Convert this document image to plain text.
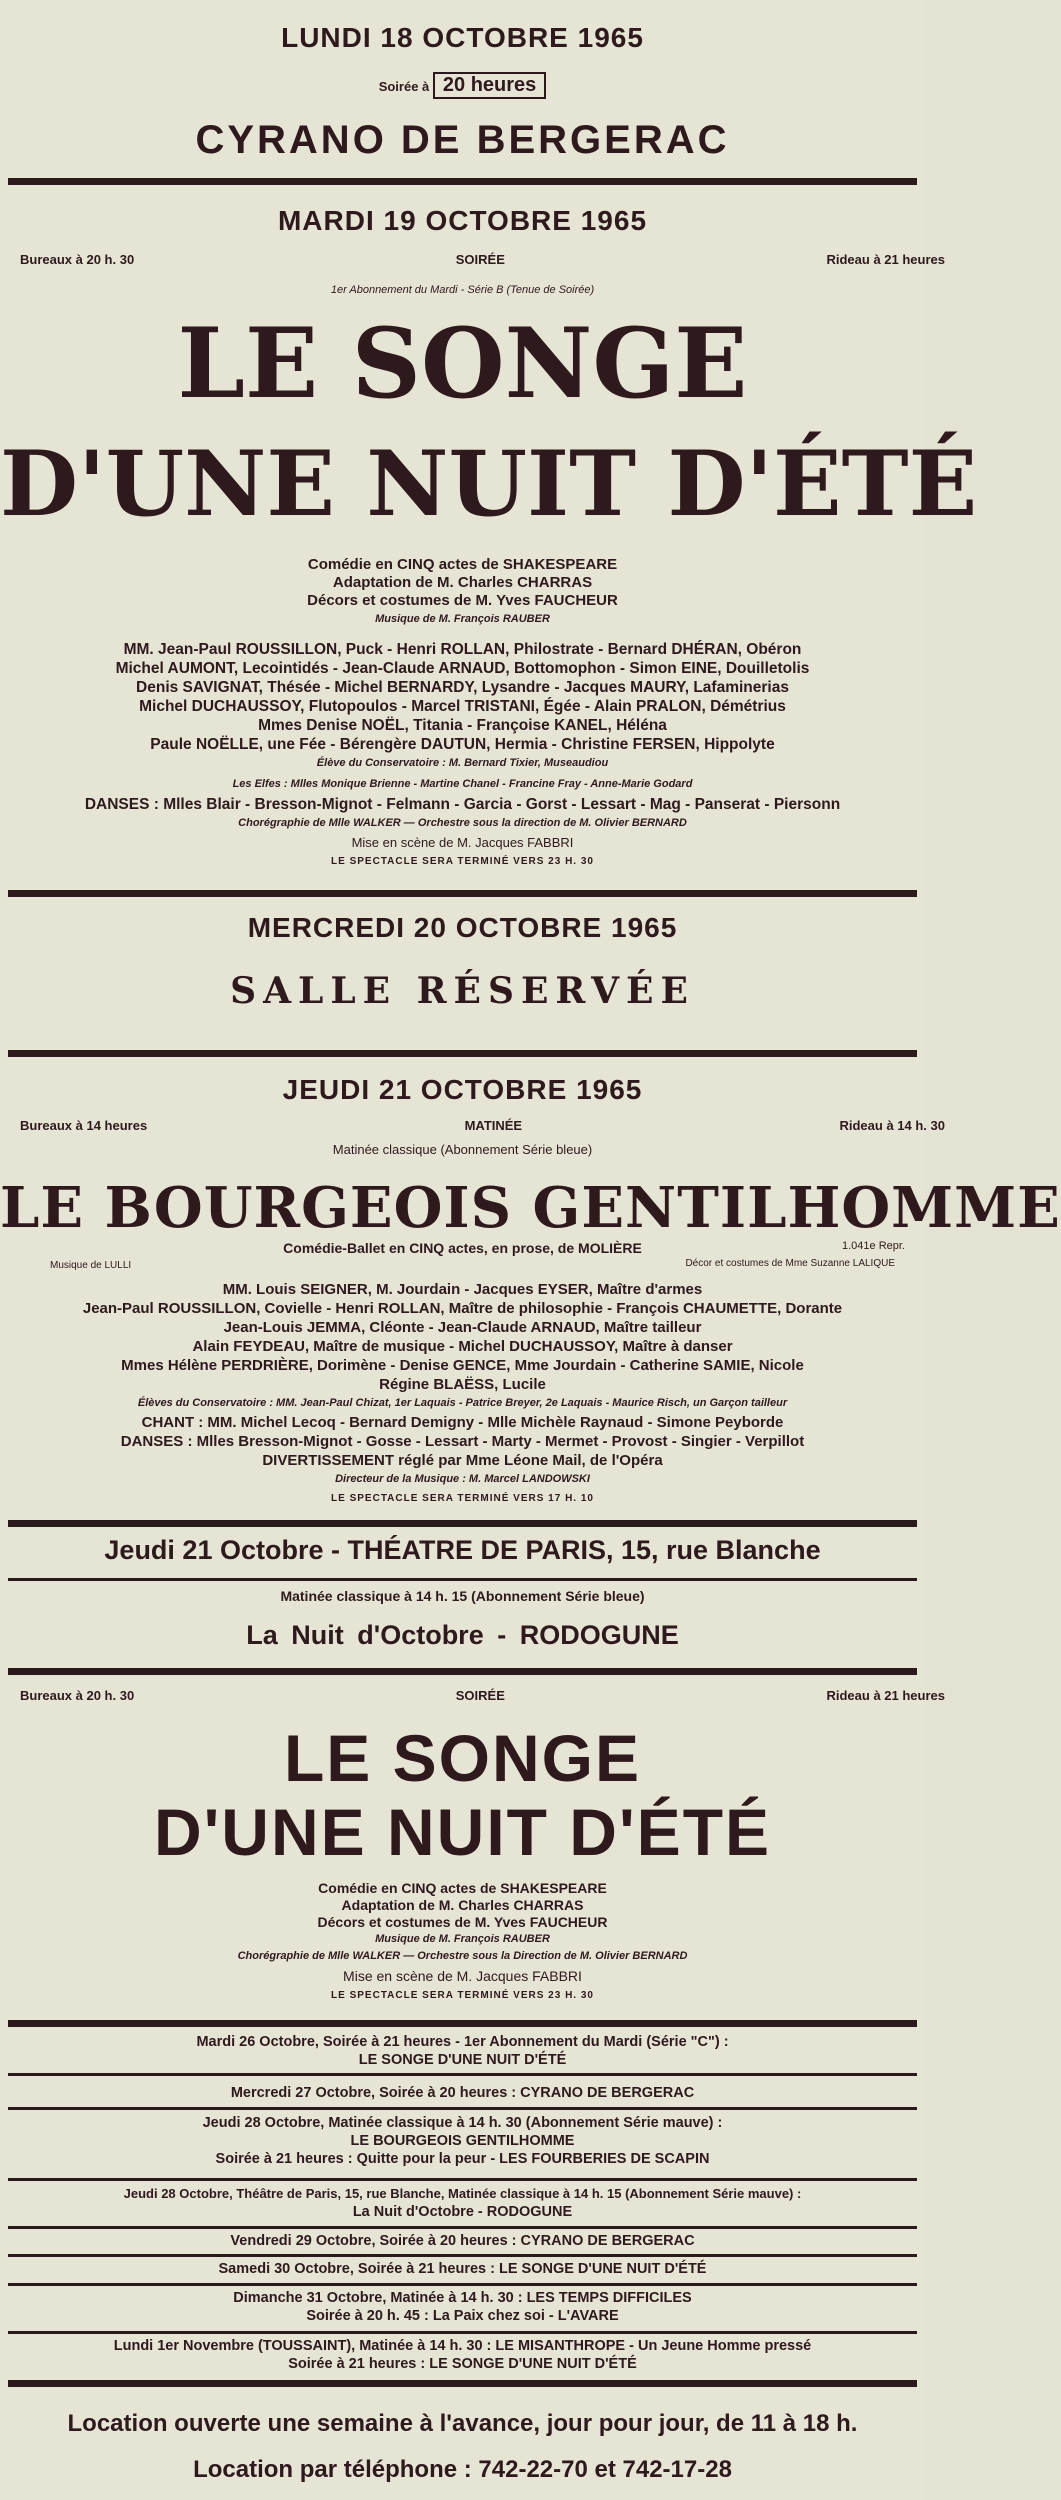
LUNDI 18 OCTOBRE 1965
Soirée à 20 heures
CYRANO DE BERGERAC
MARDI 19 OCTOBRE 1965
Bureaux à 20 h. 30	SOIRÉE	Rideau à 21 heures
1er Abonnement du Mardi - Série B (Tenue de Soirée)
LE SONGE
D'UNE NUIT D'ÉTÉ
Comédie en CINQ actes de SHAKESPEARE
Adaptation de M. Charles CHARRAS
Décors et costumes de M. Yves FAUCHEUR
Musique de M. François RAUBER
MM. Jean-Paul ROUSSILLON, Puck - Henri ROLLAN, Philostrate - Bernard DHÉRAN, Obéron
Michel AUMONT, Lecointidés - Jean-Claude ARNAUD, Bottomophon - Simon EINE, Douilletolis
Denis SAVIGNAT, Thésée - Michel BERNARDY, Lysandre - Jacques MAURY, Lafaminerias
Michel DUCHAUSSOY, Flutopoulos - Marcel TRISTANI, Égée - Alain PRALON, Démétrius
Mmes Denise NOËL, Titania - Françoise KANEL, Héléna
Paule NOËLLE, une Fée - Bérengère DAUTUN, Hermia - Christine FERSEN, Hippolyte
Élève du Conservatoire : M. Bernard Tixier, Museaudiou
Les Elfes : Mlles Monique Brienne - Martine Chanel - Francine Fray - Anne-Marie Godard
DANSES : Mlles Blair - Bresson-Mignot - Felmann - Garcia - Gorst - Lessart - Mag - Panserat - Piersonn
Chorégraphie de Mlle WALKER — Orchestre sous la direction de M. Olivier BERNARD
Mise en scène de M. Jacques FABBRI
LE SPECTACLE SERA TERMINÉ VERS 23 H. 30
MERCREDI 20 OCTOBRE 1965
SALLE RÉSERVÉE
JEUDI 21 OCTOBRE 1965
Bureaux à 14 heures	MATINÉE	Rideau à 14 h. 30
Matinée classique (Abonnement Série bleue)
LE BOURGEOIS GENTILHOMME
Comédie-Ballet en CINQ actes, en prose, de MOLIÈRE	1.041e Repr.
Musique de LULLI	Décor et costumes de Mme Suzanne LALIQUE
MM. Louis SEIGNER, M. Jourdain - Jacques EYSER, Maître d'armes
Jean-Paul ROUSSILLON, Covielle - Henri ROLLAN, Maître de philosophie - François CHAUMETTE, Dorante
Jean-Louis JEMMA, Cléonte - Jean-Claude ARNAUD, Maître tailleur
Alain FEYDEAU, Maître de musique - Michel DUCHAUSSOY, Maître à danser
Mmes Hélène PERDRIÈRE, Dorimène - Denise GENCE, Mme Jourdain - Catherine SAMIE, Nicole
Régine BLAËSS, Lucile
Élèves du Conservatoire : MM. Jean-Paul Chizat, 1er Laquais - Patrice Breyer, 2e Laquais - Maurice Risch, un Garçon tailleur
CHANT : MM. Michel Lecoq - Bernard Demigny - Mlle Michèle Raynaud - Simone Peyborde
DANSES : Mlles Bresson-Mignot - Gosse - Lessart - Marty - Mermet - Provost - Singier - Verpillot
DIVERTISSEMENT réglé par Mme Léone Mail, de l'Opéra
Directeur de la Musique : M. Marcel LANDOWSKI
LE SPECTACLE SERA TERMINÉ VERS 17 H. 10
Jeudi 21 Octobre - THÉATRE DE PARIS, 15, rue Blanche
Matinée classique à 14 h. 15 (Abonnement Série bleue)
La Nuit d'Octobre - RODOGUNE
Bureaux à 20 h. 30	SOIRÉE	Rideau à 21 heures
LE SONGE
D'UNE NUIT D'ÉTÉ
Comédie en CINQ actes de SHAKESPEARE
Adaptation de M. Charles CHARRAS
Décors et costumes de M. Yves FAUCHEUR
Musique de M. François RAUBER
Chorégraphie de Mlle WALKER — Orchestre sous la Direction de M. Olivier BERNARD
Mise en scène de M. Jacques FABBRI
LE SPECTACLE SERA TERMINÉ VERS 23 H. 30
Mardi 26 Octobre, Soirée à 21 heures - 1er Abonnement du Mardi (Série "C") :
LE SONGE D'UNE NUIT D'ÉTÉ
Mercredi 27 Octobre, Soirée à 20 heures : CYRANO DE BERGERAC
Jeudi 28 Octobre, Matinée classique à 14 h. 30 (Abonnement Série mauve) :
LE BOURGEOIS GENTILHOMME
Soirée à 21 heures : Quitte pour la peur - LES FOURBERIES DE SCAPIN
Jeudi 28 Octobre, Théâtre de Paris, 15, rue Blanche, Matinée classique à 14 h. 15 (Abonnement Série mauve) :
La Nuit d'Octobre - RODOGUNE
Vendredi 29 Octobre, Soirée à 20 heures : CYRANO DE BERGERAC
Samedi 30 Octobre, Soirée à 21 heures : LE SONGE D'UNE NUIT D'ÉTÉ
Dimanche 31 Octobre, Matinée à 14 h. 30 : LES TEMPS DIFFICILES
Soirée à 20 h. 45 : La Paix chez soi - L'AVARE
Lundi 1er Novembre (TOUSSAINT), Matinée à 14 h. 30 : LE MISANTHROPE - Un Jeune Homme pressé
Soirée à 21 heures : LE SONGE D'UNE NUIT D'ÉTÉ
Location ouverte une semaine à l'avance, jour pour jour, de 11 à 18 h.
Location par téléphone : 742-22-70 et 742-17-28
